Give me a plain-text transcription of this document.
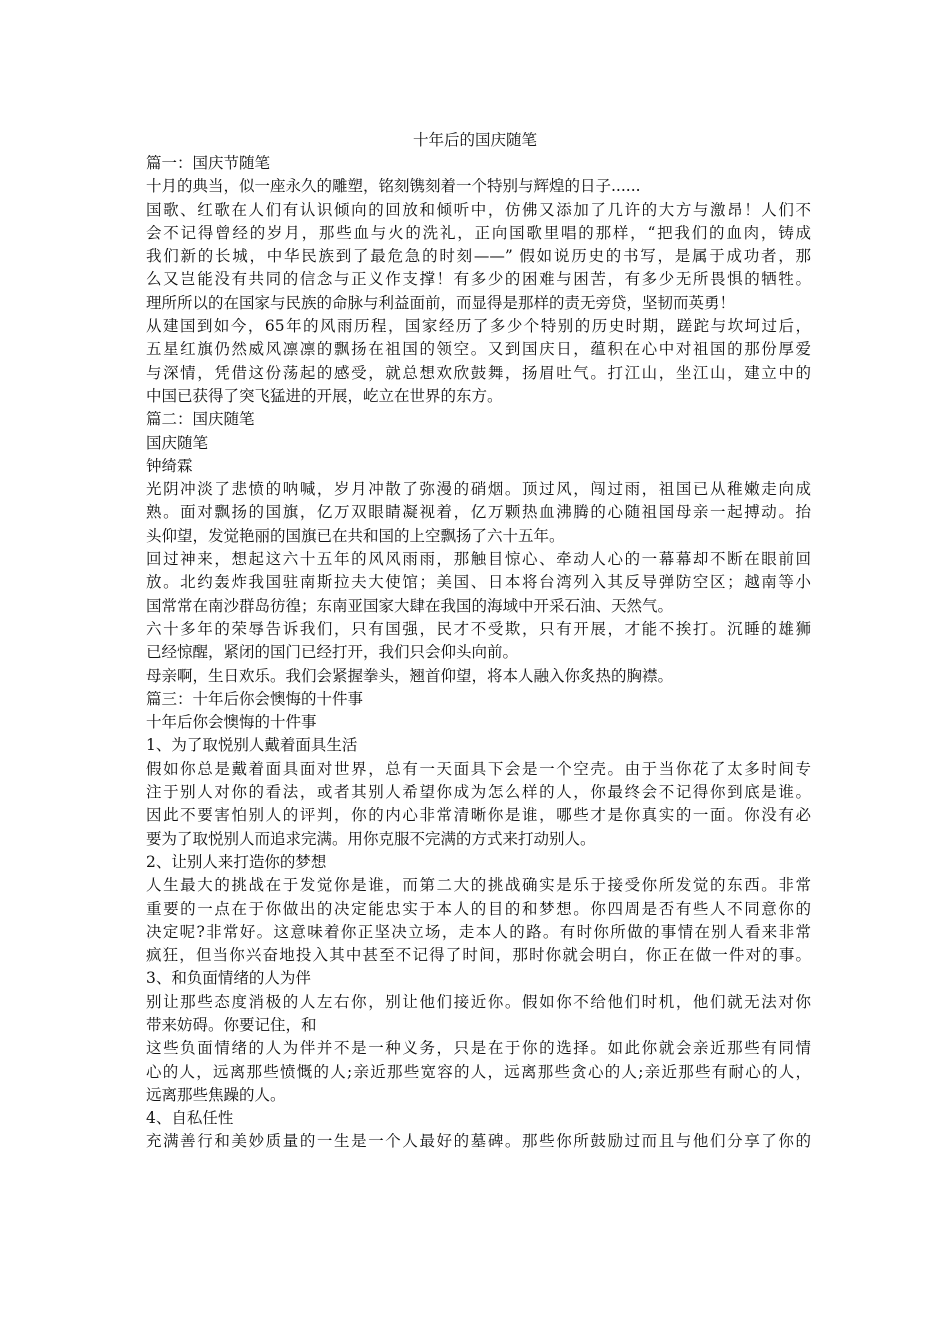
十年后的国庆随笔
篇一：国庆节随笔
十月的典当，似一座永久的雕塑，铭刻镌刻着一个特别与辉煌的日子......
国歌、红歌在人们有认识倾向的回放和倾听中，仿佛又添加了几许的大方与激昂！人们不
会不记得曾经的岁月，那些血与火的洗礼，正向国歌里唱的那样，“把我们的血肉，铸成
我们新的长城，中华民族到了最危急的时刻——” 假如说历史的书写，是属于成功者，那
么又岂能没有共同的信念与正义作支撑！有多少的困难与困苦，有多少无所畏惧的牺牲。
理所所以的在国家与民族的命脉与利益面前，而显得是那样的责无旁贷，坚韧而英勇！
从建国到如今，65年的风雨历程，国家经历了多少个特别的历史时期，蹉跎与坎坷过后，
五星红旗仍然威风凛凛的飘扬在祖国的领空。又到国庆日，蕴积在心中对祖国的那份厚爱
与深情，凭借这份荡起的感受，就总想欢欣鼓舞，扬眉吐气。打江山，坐江山，建立中的
中国已获得了突飞猛进的开展，屹立在世界的东方。
篇二：国庆随笔
国庆随笔
钟绮霖
光阴冲淡了悲愤的呐喊，岁月冲散了弥漫的硝烟。顶过风，闯过雨，祖国已从稚嫩走向成
熟。面对飘扬的国旗，亿万双眼睛凝视着，亿万颗热血沸腾的心随祖国母亲一起搏动。抬
头仰望，发觉艳丽的国旗已在共和国的上空飘扬了六十五年。
回过神来，想起这六十五年的风风雨雨，那触目惊心、牵动人心的一幕幕却不断在眼前回
放。北约轰炸我国驻南斯拉夫大使馆；美国、日本将台湾列入其反导弹防空区；越南等小
国常常在南沙群岛彷徨；东南亚国家大肆在我国的海域中开采石油、天然气。
六十多年的荣辱告诉我们，只有国强，民才不受欺，只有开展，才能不挨打。沉睡的雄狮
已经惊醒，紧闭的国门已经打开，我们只会仰头向前。
母亲啊，生日欢乐。我们会紧握拳头，翘首仰望，将本人融入你炙热的胸襟。
篇三：十年后你会懊悔的十件事
十年后你会懊悔的十件事
1、为了取悦别人戴着面具生活
假如你总是戴着面具面对世界，总有一天面具下会是一个空壳。由于当你花了太多时间专
注于别人对你的看法，或者其别人希望你成为怎么样的人，你最终会不记得你到底是谁。
因此不要害怕别人的评判，你的内心非常清晰你是谁，哪些才是你真实的一面。你没有必
要为了取悦别人而追求完满。用你克服不完满的方式来打动别人。
2、让别人来打造你的梦想
人生最大的挑战在于发觉你是谁，而第二大的挑战确实是乐于接受你所发觉的东西。非常
重要的一点在于你做出的决定能忠实于本人的目的和梦想。你四周是否有些人不同意你的
决定呢?非常好。这意味着你正坚决立场，走本人的路。有时你所做的事情在别人看来非常
疯狂，但当你兴奋地投入其中甚至不记得了时间，那时你就会明白，你正在做一件对的事。
3、和负面情绪的人为伴
别让那些态度消极的人左右你，别让他们接近你。假如你不给他们时机，他们就无法对你
带来妨碍。你要记住，和
这些负面情绪的人为伴并不是一种义务，只是在于你的选择。如此你就会亲近那些有同情
心的人，远离那些愤慨的人;亲近那些宽容的人，远离那些贪心的人;亲近那些有耐心的人，
远离那些焦躁的人。
4、自私任性
充满善行和美妙质量的一生是一个人最好的墓碑。那些你所鼓励过而且与他们分享了你的
